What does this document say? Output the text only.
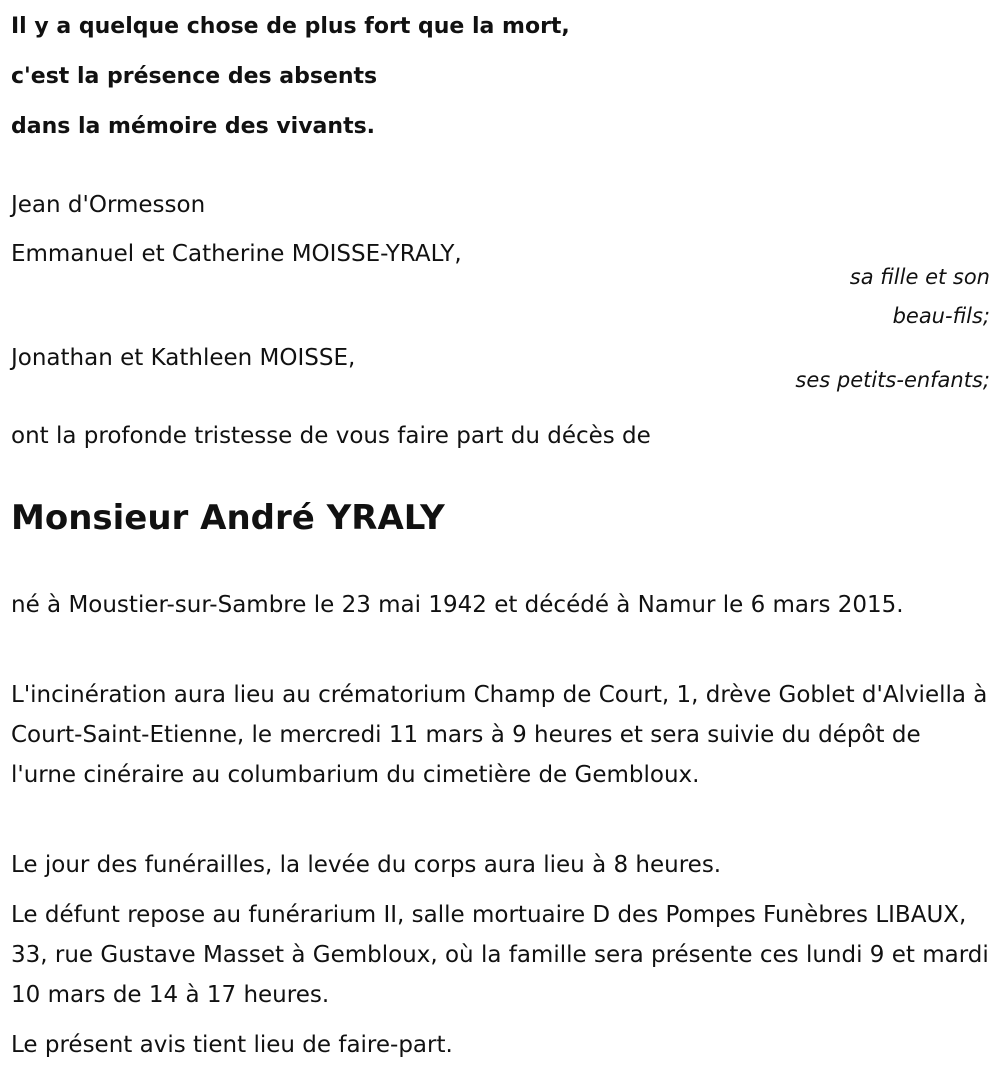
Il y a quelque chose de plus fort que la mort,

c'est la présence des absents

dans la mémoire des vivants.

Jean d'Ormesson

Emmanuel et Catherine MOISSE-YRALY,

sa fille et son
beau-fils;

Jonathan et Kathleen MOISSE,

ses petits-enfants;

ont la profonde tristesse de vous faire part du décès de

Monsieur André YRALY

né à Moustier-sur-Sambre le 23 mai 1942 et décédé à Namur le 6 mars 2015.

L'incinération aura lieu au crématorium Champ de Court, 1, drève Goblet d'Alviella à Court-Saint-Etienne, le mercredi 11 mars à 9 heures et sera suivie du dépôt de l'urne cinéraire au columbarium du cimetière de Gembloux.

Le jour des funérailles, la levée du corps aura lieu à 8 heures.

Le défunt repose au funérarium II, salle mortuaire D des Pompes Funèbres LIBAUX, 33, rue Gustave Masset à Gembloux, où la famille sera présente ces lundi 9 et mardi 10 mars de 14 à 17 heures.

Le présent avis tient lieu de faire-part.
